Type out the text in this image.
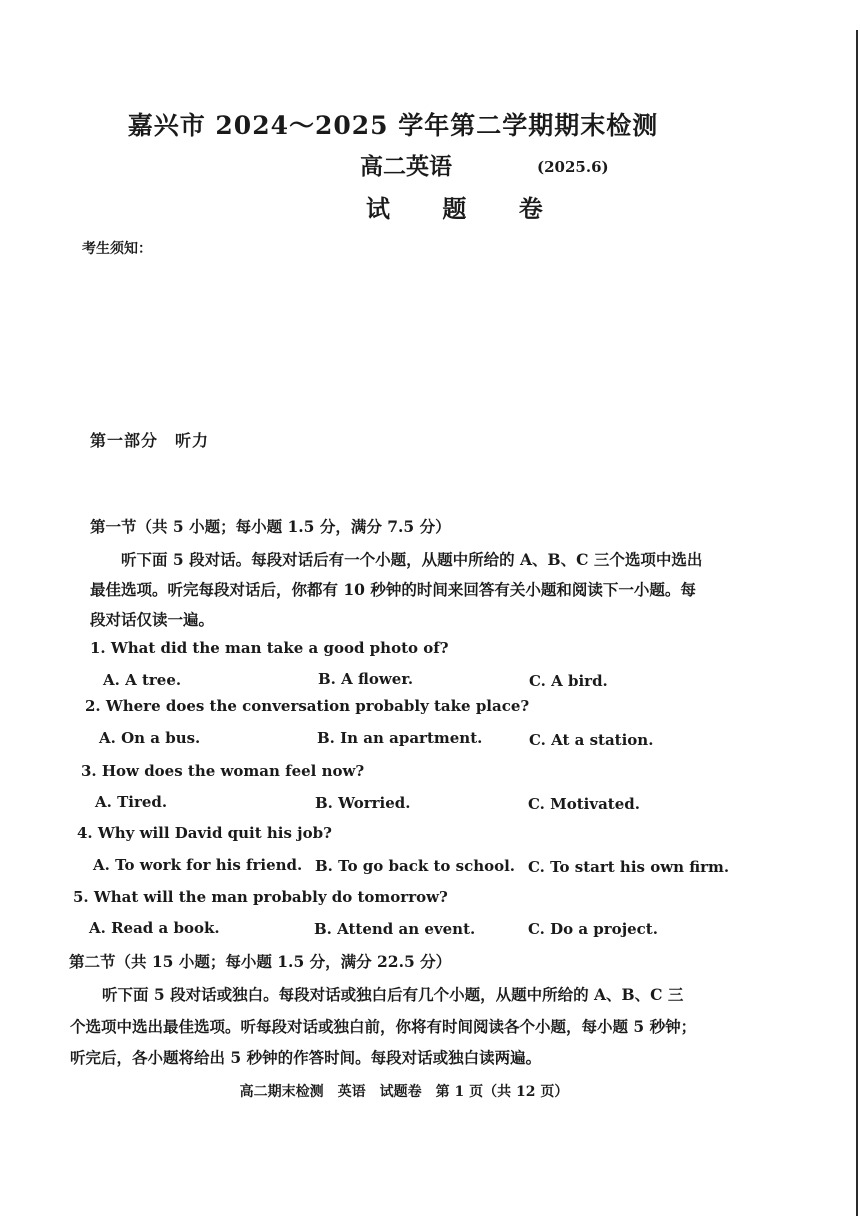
嘉兴市 2024～2025 学年第二学期期末检测
高二英语	(2025.6)
试 题 卷
考生须知：
第一部分　听力
第一节（共 5 小题；每小题 1.5 分，满分 7.5 分）
听下面 5 段对话。每段对话后有一个小题，从题中所给的 A、B、C 三个选项中选出
最佳选项。听完每段对话后，你都有 10 秒钟的时间来回答有关小题和阅读下一小题。每
段对话仅读一遍。
1. What did the man take a good photo of?
A. A tree.	B. A flower.	C. A bird.
2. Where does the conversation probably take place?
A. On a bus.	B. In an apartment.	C. At a station.
3. How does the woman feel now?
A. Tired.	B. Worried.	C. Motivated.
4. Why will David quit his job?
A. To work for his friend. B. To go back to school. C. To start his own firm.
5. What will the man probably do tomorrow?
A. Read a book.	B. Attend an event.	C. Do a project.
第二节（共 15 小题；每小题 1.5 分，满分 22.5 分）
听下面 5 段对话或独白。每段对话或独白后有几个小题，从题中所给的 A、B、C 三
个选项中选出最佳选项。听每段对话或独白前，你将有时间阅读各个小题，每小题 5 秒钟；
听完后，各小题将给出 5 秒钟的作答时间。每段对话或独白读两遍。
高二期末检测　英语　试题卷　第 1 页（共 12 页）
